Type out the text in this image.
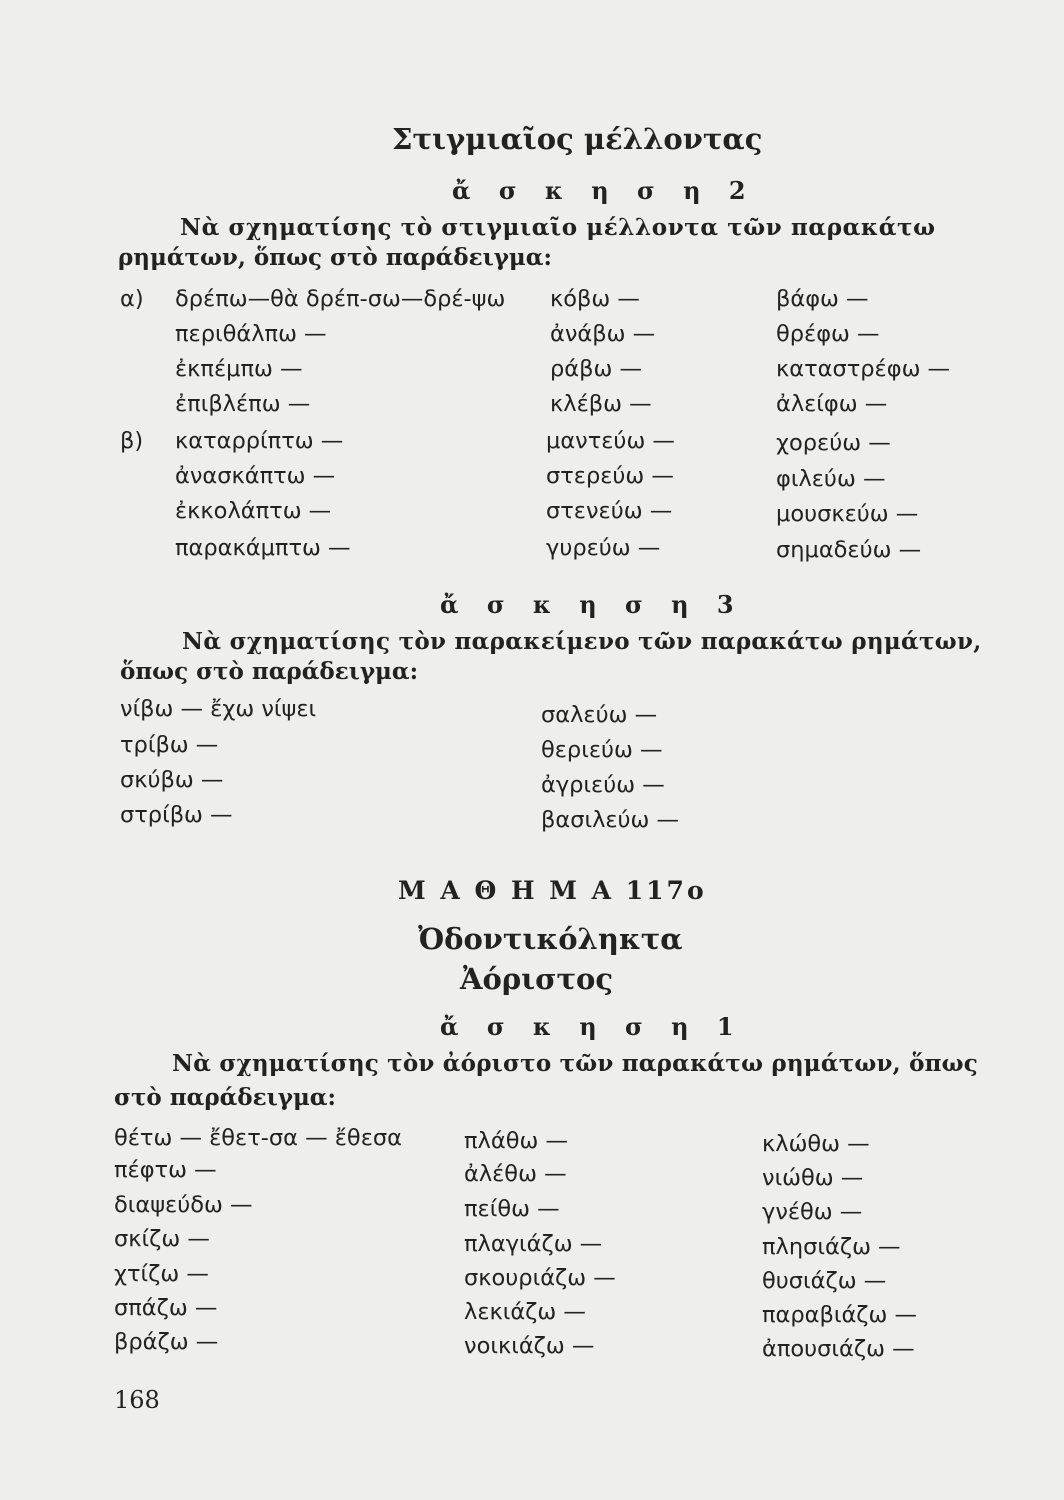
Στιγμιαῖος μέλλοντας
ἄ σ κ η σ η 2
Νὰ σχηματίσης τὸ στιγμιαῖο μέλλοντα τῶν παρακάτω
ρημάτων, ὅπως στὸ παράδειγμα:
α)
β)
δρέπω—θὰ δρέπ-σω—δρέ-ψω
περιθάλπω —
ἐκπέμπω —
ἐπιβλέπω —
καταρρίπτω —
ἀνασκάπτω —
ἐκκολάπτω —
παρακάμπτω —
κόβω —
ἀνάβω —
ράβω —
κλέβω —
μαντεύω —
στερεύω —
στενεύω —
γυρεύω —
βάφω —
θρέφω —
καταστρέφω —
ἀλείφω —
χορεύω —
φιλεύω —
μουσκεύω —
σημαδεύω —
ἄ σ κ η σ η 3
Νὰ σχηματίσης τὸν παρακείμενο τῶν παρακάτω ρημάτων,
ὅπως στὸ παράδειγμα:
νίβω — ἔχω νίψει
τρίβω —
σκύβω —
στρίβω —
σαλεύω —
θεριεύω —
ἀγριεύω —
βασιλεύω —
Μ Α Θ Η Μ Α 117ο
Ὀδοντικόληκτα
Ἀόριστος
ἄ σ κ η σ η 1
Νὰ σχηματίσης τὸν ἀόριστο τῶν παρακάτω ρημάτων, ὅπως
στὸ παράδειγμα:
θέτω — ἔθετ-σα — ἔθεσα
πέφτω —
διαψεύδω —
σκίζω —
χτίζω —
σπάζω —
βράζω —
πλάθω —
ἀλέθω —
πείθω —
πλαγιάζω —
σκουριάζω —
λεκιάζω —
νοικιάζω —
κλώθω —
νιώθω —
γνέθω —
πλησιάζω —
θυσιάζω —
παραβιάζω —
ἀπουσιάζω —
168
